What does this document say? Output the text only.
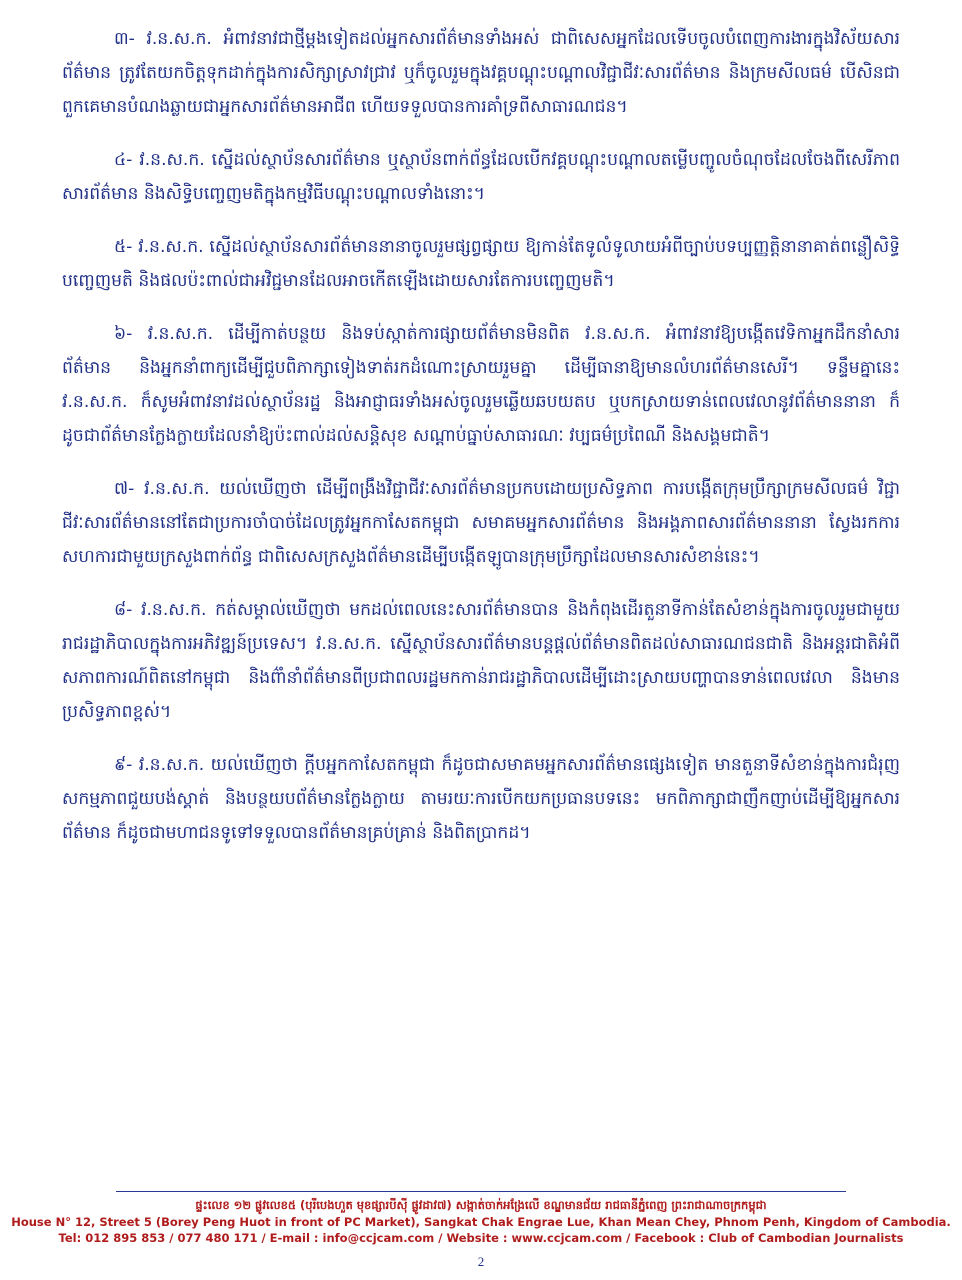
៣- វ.ន.ស.ក. អំពាវនាវជាថ្មីម្ដងទៀតដល់អ្នកសារព័ត៌មានទាំងអស់ ជាពិសេសអ្នកដែលទើបចូលបំពេញការងារក្នុងវិស័យសារព័ត៌មាន ត្រូវតែយកចិត្តទុកដាក់ក្នុងការសិក្សាស្រាវជ្រាវ ឬក៏ចូលរួមក្នុងវគ្គបណ្ដុះបណ្ដាលវិជ្ជាជីវៈសារព័ត៌មាន និងក្រមសីលធម៌ បើសិនជាពួកគេមានបំណងឆ្លាយជាអ្នកសារព័ត៌មានអាជីព ហើយទទួលបានការគាំទ្រពីសាធារណជន។

៤- វ.ន.ស.ក. ស្នើដល់ស្ថាប័នសារព័ត៌មាន ឬស្ថាប័នពាក់ព័ន្ធដែលបើកវគ្គបណ្ដុះបណ្ដាលតម្លើបញ្ចូលចំណុចដែលចែងពីសេរីភាពសារព័ត៌មាន និងសិទ្ធិបញ្ចេញមតិក្នុងកម្មវិធីបណ្ដុះបណ្ដាលទាំងនោះ។

៥- វ.ន.ស.ក. ស្នើដល់ស្ថាប័នសារព័ត៌មាននានាចូលរួមផ្សព្វផ្សាយ ឱ្យកាន់តែទូលំទូលាយអំពីច្បាប់បទប្បញ្ញត្តិនានាគាត់ពន្លឿសិទ្ធិបញ្ចេញមតិ និងផលប៉ះពាល់ជាអវិជ្ជមានដែលអាចកើតឡើងដោយសារតែការបញ្ចេញមតិ។

៦- វ.ន.ស.ក. ដើម្បីកាត់បន្ថយ និងទប់ស្កាត់ការផ្សាយព័ត៌មានមិនពិត វ.ន.ស.ក. អំពាវនាវឱ្យបង្កើតវេទិកាអ្នកដឹកនាំសារព័ត៌មាន និងអ្នកនាំពាក្យដើម្បីជួបពិភាក្សាទៀងទាត់រកដំណោះស្រាយរួមគ្នា ដើម្បីធានាឱ្យមានលំហរព័ត៌មានសេរី។ ទន្ទឹមគ្នានេះ វ.ន.ស.ក. ក៏សូមអំពាវនាវដល់ស្ថាប័នរដ្ឋ និងអាជ្ញាធរទាំងអស់ចូលរួមឆ្លើយឆបយតប ឬបកស្រាយទាន់ពេលវេលានូវព័ត៌មាននានា ក៏ដូចជាព័ត៌មានក្លែងក្លាយដែលនាំឱ្យប៉ះពាល់ដល់សន្តិសុខ សណ្ដាប់ធ្នាប់សាធារណៈ វប្បធម៌ប្រពៃណី និងសង្គមជាតិ។

៧- វ.ន.ស.ក. យល់ឃើញថា ដើម្បីពង្រឹងវិជ្ជាជីវៈសារព័ត៌មានប្រកបដោយប្រសិទ្ធភាព ការបង្កើតក្រុមប្រឹក្សាក្រមសីលធម៌ វិជ្ជាជីវៈសារព័ត៌មាននៅតែជាប្រការចាំបាច់ដែលត្រូវអ្នកកាសែតកម្ពុជា សមាគមអ្នកសារព័ត៌មាន និងអង្គភាពសារព័ត៌មាននានា ស្វែងរកការសហការជាមួយក្រសួងពាក់ព័ន្ធ ជាពិសេសក្រសួងព័ត៌មានដើម្បីបង្កើតឡូបានក្រុមប្រឹក្សាដែលមានសារសំខាន់នេះ។

៨- វ.ន.ស.ក. កត់សម្គាល់ឃើញថា មកដល់ពេលនេះសារព័ត៌មានបាន និងកំពុងដើរតួនាទីកាន់តែសំខាន់ក្នុងការចូលរួមជាមួយរាជរដ្ឋាភិបាលក្នុងការអភិវឌ្ឍន៍ប្រទេស។ វ.ន.ស.ក. ស្នើស្ថាប័នសារព័ត៌មានបន្ដផ្ដល់ព័ត៌មានពិតដល់សាធារណជនជាតិ និងអន្ដរជាតិអំពីសភាពការណ៍ពិតនៅកម្ពុជា និងព៌ាំនាំព័ត៌មានពីប្រជាពលរដ្ឋមកកាន់រាជរដ្ឋាភិបាលដើម្បីដោះស្រាយបញ្ហាបានទាន់ពេលវេលា និងមានប្រសិទ្ធភាពខ្ពស់។

៩- វ.ន.ស.ក. យល់ឃើញថា ក្ដីបអ្នកកាសែតកម្ពុជា ក៏ដូចជាសមាគមអ្នកសារព័ត៌មានផ្សេងទៀត មានតួនាទីសំខាន់ក្នុងការជំរុញសកម្មភាពជួយបង់ស្គាត់ និងបន្ថយបព័ត៌មានក្លែងក្លាយ តាមរយៈការបើកយកប្រធានបទនេះ មកពិភាក្សាជាញឹកញាប់ដើម្បីឱ្យអ្នកសារព័ត៌មាន ក៏ដូចជាមហាជនទូទៅទទួលបានព័ត៌មានគ្រប់គ្រាន់ និងពិតប្រាកដ។

ផ្ទះលេខ ១២ ផ្លូវលេខ៥ (បុរីបេងហួត មុខផ្សារបីស៊ី ផ្លូវដាវ៧) សង្កាត់ចាក់អង្រែលើ ខណ្ឌមានជ័យ រាជធានីភ្នំពេញ ព្រះរាជាណាចក្រកម្ពុជា
House N° 12, Street 5 (Borey Peng Huot in front of PC Market), Sangkat Chak Engrae Lue, Khan Mean Chey, Phnom Penh, Kingdom of Cambodia.
Tel: 012 895 853 / 077 480 171 / E-mail : info@ccjcam.com / Website : www.ccjcam.com / Facebook : Club of Cambodian Journalists
2
